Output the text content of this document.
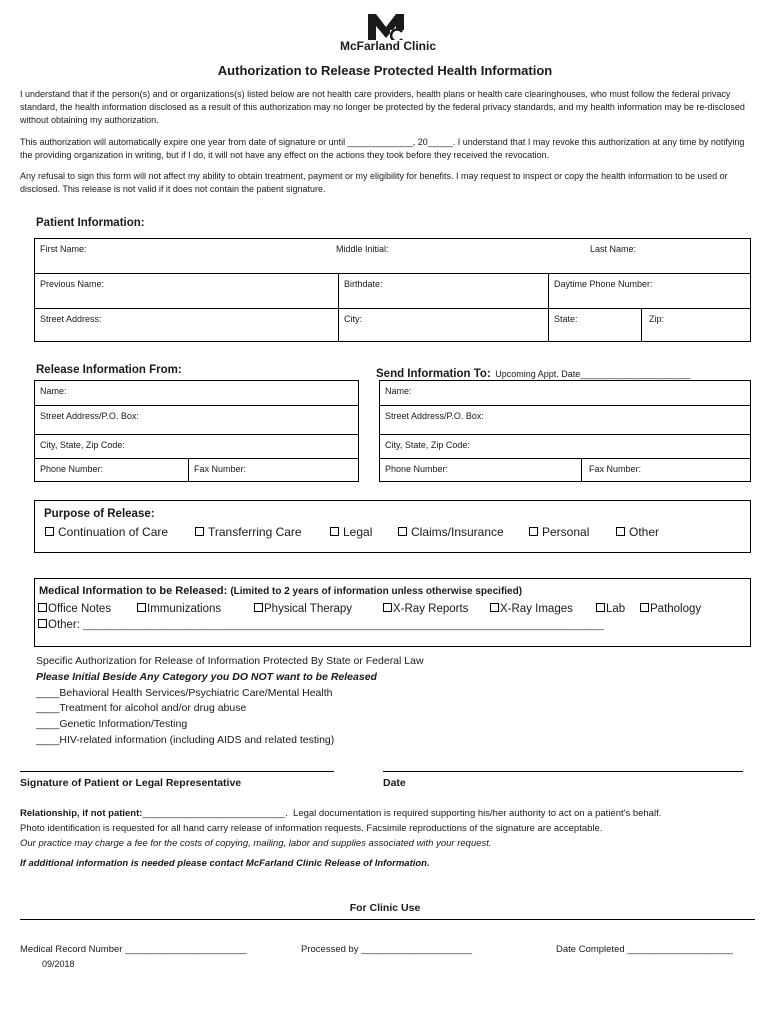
McFarland Clinic
Authorization to Release Protected Health Information
I understand that if the person(s) and or organizations(s) listed below are not health care providers, health plans or health care clearinghouses, who must follow the federal privacy standard, the health information disclosed as a result of this authorization may no longer be protected by the federal privacy standards, and my health information may be re-disclosed without obtaining my authorization.
This authorization will automatically expire one year from date of signature or until _____________, 20_____. I understand that I may revoke this authorization at any time by notifying the providing organization in writing, but if I do, it will not have any effect on the actions they took before they received the revocation.
Any refusal to sign this form will not affect my ability to obtain treatment, payment or my eligibility for benefits. I may request to inspect or copy the health information to be used or disclosed. This release is not valid if it does not contain the patient signature.
Patient Information:
First Name:	Middle Initial:	Last Name:
Previous Name:	Birthdate:	Daytime Phone Number:
Street Address:	City:	State:	Zip:
Release Information From:	Send Information To: Upcoming Appt. Date______________________
Name:
Street Address/P.O. Box:
City, State, Zip Code:
Phone Number:	Fax Number:
Name:
Street Address/P.O. Box:
City, State, Zip Code:
Phone Number:	Fax Number:
Purpose of Release:
Continuation of Care	Transferring Care	Legal	Claims/Insurance	Personal	Other
Medical Information to be Released: (Limited to 2 years of information unless otherwise specified)
Office Notes	Immunizations	Physical Therapy	X-Ray Reports	X-Ray Images	Lab	Pathology
Other: ________________________________________________________________________________________________________
Specific Authorization for Release of Information Protected By State or Federal Law
Please Initial Beside Any Category you DO NOT want to be Released
____Behavioral Health Services/Psychiatric Care/Mental Health
____Treatment for alcohol and/or drug abuse
____Genetic Information/Testing
____HIV-related information (including AIDS and related testing)
Signature of Patient or Legal Representative	Date
Relationship, if not patient:___________________________.  Legal documentation is required supporting his/her authority to act on a patient's behalf.
Photo identification is requested for all hand carry release of information requests. Facsimile reproductions of the signature are acceptable.
Our practice may charge a fee for the costs of copying, mailing, labor and supplies associated with your request.
If additional information is needed please contact McFarland Clinic Release of Information.
For Clinic Use
Medical Record Number _______________________	Processed by _____________________	Date Completed ____________________
09/2018
